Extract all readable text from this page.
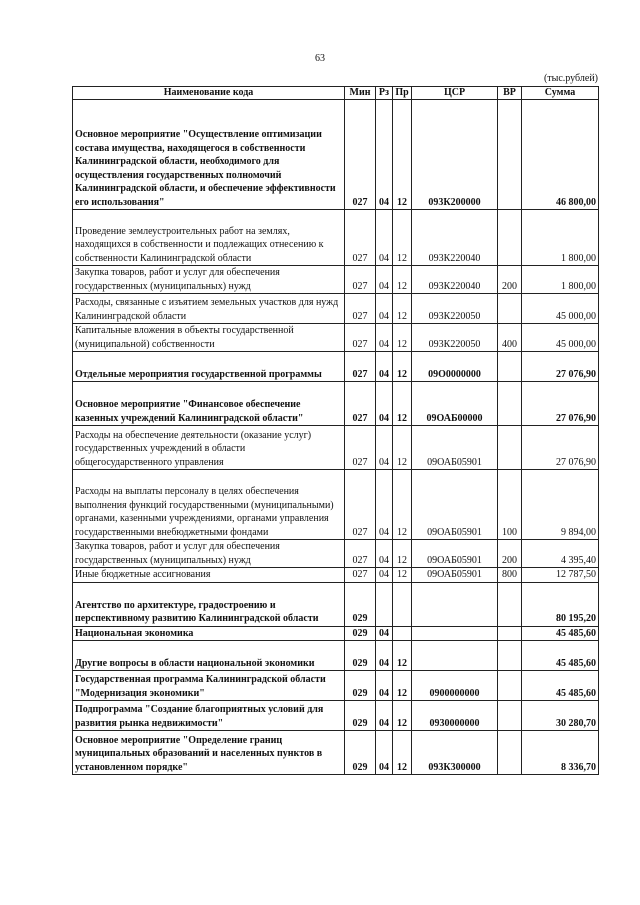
63
(тыс.рублей)
Наименование кода	Мин	Рз	Пр	ЦСР	ВР	Сумма
Основное мероприятие "Осуществление оптимизации состава имущества, находящегося в собственности Калининградской области, необходимого для осуществления государственных полномочий Калининградской области, и обеспечение эффективности его использования"	027	04	12	093К200000		46 800,00
Проведение землеустроительных работ на землях, находящихся в собственности и подлежащих отнесению к собственности Калининградской области	027	04	12	093К220040		1 800,00
Закупка товаров, работ и услуг для обеспечения государственных (муниципальных) нужд	027	04	12	093К220040	200	1 800,00
Расходы, связанные с изъятием земельных участков для нужд Калининградской области	027	04	12	093К220050		45 000,00
Капитальные вложения в объекты государственной (муниципальной) собственности	027	04	12	093К220050	400	45 000,00
Отдельные мероприятия государственной программы	027	04	12	09О0000000		27 076,90
Основное мероприятие "Финансовое обеспечение казенных учреждений Калининградской области"	027	04	12	09ОАБ00000		27 076,90
Расходы на обеспечение деятельности (оказание услуг) государственных учреждений в области общегосударственного управления	027	04	12	09ОАБ05901		27 076,90
Расходы на выплаты персоналу в целях обеспечения выполнения функций государственными (муниципальными) органами, казенными учреждениями, органами управления государственными внебюджетными фондами	027	04	12	09ОАБ05901	100	9 894,00
Закупка товаров, работ и услуг для обеспечения государственных (муниципальных) нужд	027	04	12	09ОАБ05901	200	4 395,40
Иные бюджетные ассигнования	027	04	12	09ОАБ05901	800	12 787,50
Агентство по архитектуре, градостроению и перспективному развитию Калининградской области	029					80 195,20
Национальная экономика	029	04				45 485,60
Другие вопросы в области национальной экономики	029	04	12			45 485,60
Государственная программа Калининградской области "Модернизация экономики"	029	04	12	0900000000		45 485,60
Подпрограмма "Создание благоприятных условий для развития рынка недвижимости"	029	04	12	0930000000		30 280,70
Основное мероприятие "Определение границ муниципальных образований и населенных пунктов в установленном порядке"	029	04	12	093К300000		8 336,70
